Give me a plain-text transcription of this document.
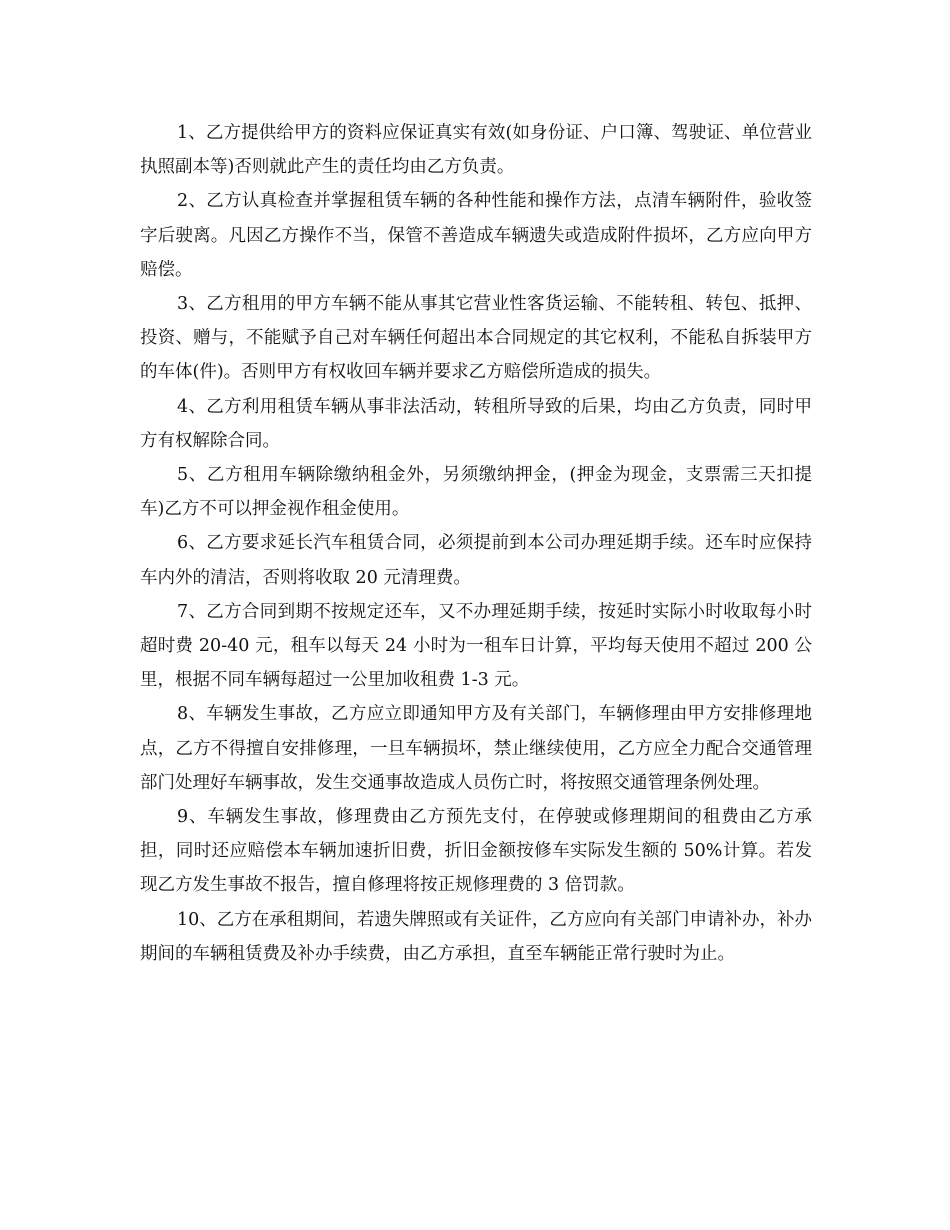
1、乙方提供给甲方的资料应保证真实有效(如身份证、户口簿、驾驶证、单位营业执照副本等)否则就此产生的责任均由乙方负责。

2、乙方认真检查并掌握租赁车辆的各种性能和操作方法，点清车辆附件，验收签字后驶离。凡因乙方操作不当，保管不善造成车辆遗失或造成附件损坏，乙方应向甲方赔偿。

3、乙方租用的甲方车辆不能从事其它营业性客货运输、不能转租、转包、抵押、投资、赠与，不能赋予自己对车辆任何超出本合同规定的其它权利，不能私自拆装甲方的车体(件)。否则甲方有权收回车辆并要求乙方赔偿所造成的损失。

4、乙方利用租赁车辆从事非法活动，转租所导致的后果，均由乙方负责，同时甲方有权解除合同。

5、乙方租用车辆除缴纳租金外，另须缴纳押金，(押金为现金，支票需三天扣提车)乙方不可以押金视作租金使用。

6、乙方要求延长汽车租赁合同，必须提前到本公司办理延期手续。还车时应保持车内外的清洁，否则将收取 20 元清理费。

7、乙方合同到期不按规定还车，又不办理延期手续，按延时实际小时收取每小时超时费 20-40 元，租车以每天 24 小时为一租车日计算，平均每天使用不超过 200 公里，根据不同车辆每超过一公里加收租费 1-3 元。

8、车辆发生事故，乙方应立即通知甲方及有关部门，车辆修理由甲方安排修理地点，乙方不得擅自安排修理，一旦车辆损坏，禁止继续使用，乙方应全力配合交通管理部门处理好车辆事故，发生交通事故造成人员伤亡时，将按照交通管理条例处理。

9、车辆发生事故，修理费由乙方预先支付，在停驶或修理期间的租费由乙方承担，同时还应赔偿本车辆加速折旧费，折旧金额按修车实际发生额的 50%计算。若发现乙方发生事故不报告，擅自修理将按正规修理费的 3 倍罚款。

10、乙方在承租期间，若遗失牌照或有关证件，乙方应向有关部门申请补办，补办期间的车辆租赁费及补办手续费，由乙方承担，直至车辆能正常行驶时为止。
